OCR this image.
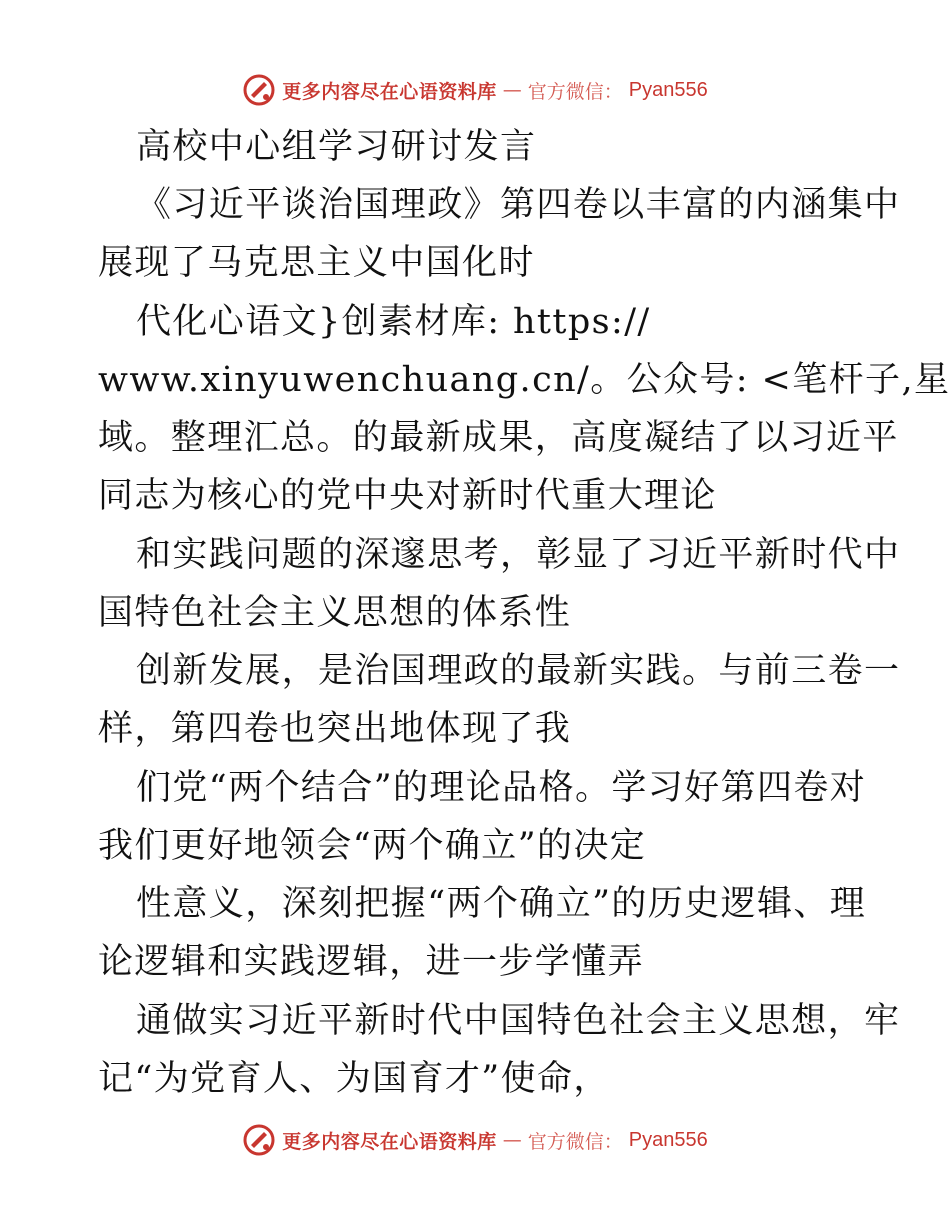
更多内容尽在心语资料库 — 官方微信： Pyan556
高校中心组学习研讨发言
《习近平谈治国理政》第四卷以丰富的内涵集中
展现了马克思主义中国化时
代化心语文}创素材库: https://
www.xinyuwenchuang.cn/。公众号: <笔杆子,星
域。整理汇总。的最新成果，高度凝结了以习近平
同志为核心的党中央对新时代重大理论
和实践问题的深邃思考，彰显了习近平新时代中
国特色社会主义思想的体系性
创新发展，是治国理政的最新实践。与前三卷一
样，第四卷也突出地体现了我
们党“两个结合”的理论品格。学习好第四卷对
我们更好地领会“两个确立”的决定
性意义，深刻把握“两个确立”的历史逻辑、理
论逻辑和实践逻辑，进一步学懂弄
通做实习近平新时代中国特色社会主义思想，牢
记“为党育人、为国育才”使命，
更多内容尽在心语资料库 — 官方微信： Pyan556
